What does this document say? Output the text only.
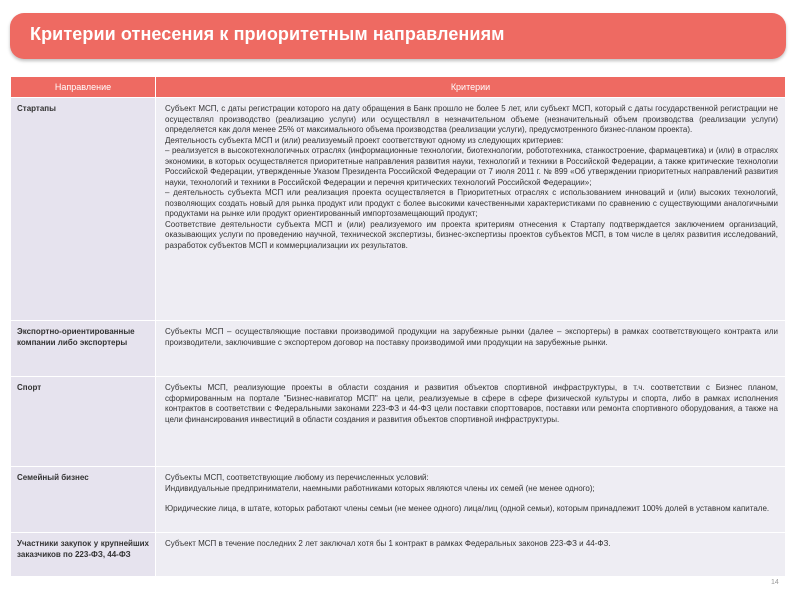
Критерии отнесения к приоритетным направлениям
Направление	Критерии
Стартапы	Субъект МСП, с даты регистрации которого на дату обращения в Банк прошло не более 5 лет, или субъект МСП, который с даты государственной регистрации не осуществлял производство (реализацию услуги) или осуществлял в незначительном объеме (незначительный объем производства (реализации услуги) определяется как доля менее 25% от максимального объема производства (реализации услуги), предусмотренного бизнес-планом проекта).

Деятельность субъекта МСП и (или) реализуемый проект соответствуют одному из следующих критериев:

– реализуется в высокотехнологичных отраслях (информационные технологии, биотехнологии, робототехника, станкостроение, фармацевтика) и (или) в отраслях экономики, в которых осуществляется приоритетные направления развития науки, технологий и техники в Российской Федерации, а также критические технологии Российской Федерации, утвержденные Указом Президента Российской Федерации от 7 июля 2011 г. № 899 «Об утверждении приоритетных направлений развития науки, технологий и техники в Российской Федерации и перечня критических технологий Российской Федерации»;

– деятельность субъекта МСП или реализация проекта осуществляется в Приоритетных отраслях с использованием инноваций и (или) высоких технологий, позволяющих создать новый для рынка продукт или продукт с более высокими качественными характеристиками по сравнению с существующими аналогичными продуктами на рынке или продукт ориентированный импортозамещающий продукт;

Соответствие деятельности субъекта МСП и (или) реализуемого им проекта критериям отнесения к Стартапу подтверждается заключением организаций, оказывающих услуги по проведению научной, технической экспертизы, бизнес-экспертизы проектов субъектов МСП, в том числе в целях развития исследований, разработок субъектов МСП и коммерциализации их результатов.

Экспортно-ориентированные компании либо экспортеры	Субъекты МСП – осуществляющие поставки производимой продукции на зарубежные рынки (далее – экспортеры) в рамках соответствующего контракта или производители, заключившие с экспортером договор на поставку производимой ими продукции на зарубежные рынки.

Спорт	Субъекты МСП, реализующие проекты в области создания и развития объектов спортивной инфраструктуры, в т.ч. соответствии с Бизнес планом, сформированным на портале "Бизнес-навигатор МСП" на цели, реализуемые в сфере в сфере физической культуры и спорта, либо в рамках исполнения контрактов в соответствии с Федеральными законами 223-ФЗ и 44-ФЗ цели поставки спорттоваров, поставки или ремонта спортивного оборудования, а также на цели финансирования инвестиций в области создания и развития объектов спортивной инфраструктуры.

Семейный бизнес	Субъекты МСП, соответствующие любому из перечисленных условий:

Индивидуальные предприниматели, наемными работниками которых являются члены их семей (не менее одного);

Юридические лица, в штате, которых работают члены семьи (не менее одного) лица/лиц (одной семьи), которым принадлежит 100% долей в уставном капитале.

Участники закупок у крупнейших заказчиков по 223-ФЗ, 44-ФЗ	Субъект МСП в течение последних 2 лет заключал хотя бы 1 контракт в рамках Федеральных законов 223-ФЗ и 44-ФЗ.

14
